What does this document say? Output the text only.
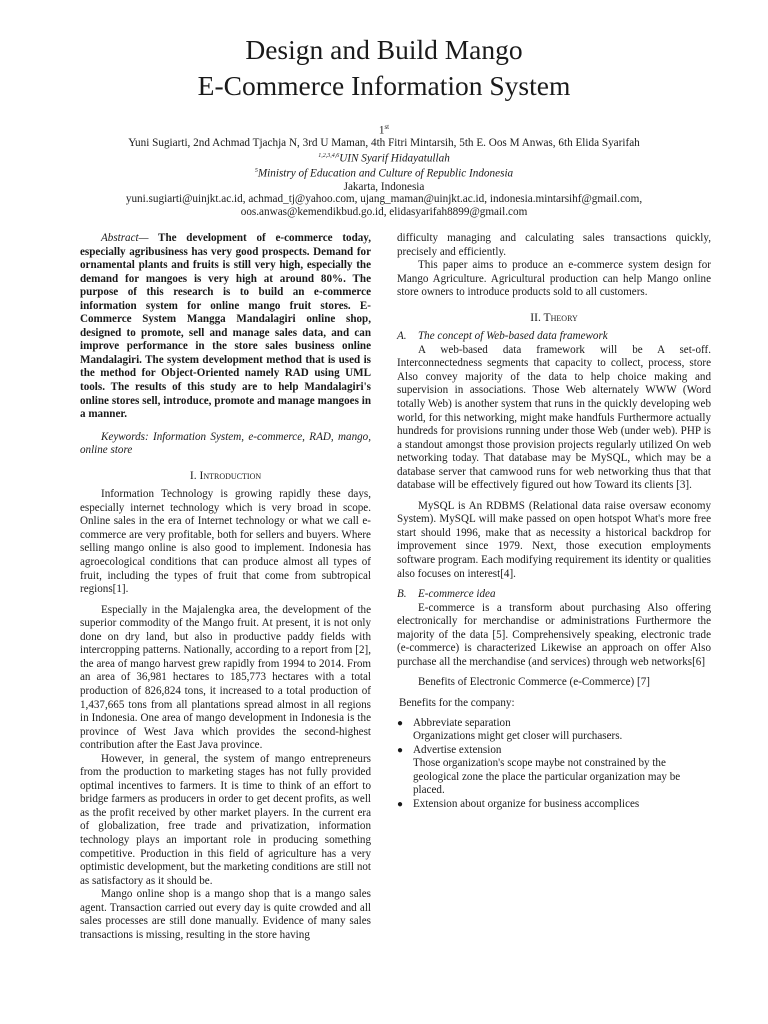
Design and Build Mango
E-Commerce Information System
1st
Yuni Sugiarti, 2nd Achmad Tjachja N, 3rd U Maman, 4th Fitri Mintarsih, 5th E. Oos M Anwas, 6th Elida Syarifah
$^{1,2,3,4,6}$UIN Syarif Hidayatullah
$^5$Ministry of Education and Culture of Republic Indonesia
Jakarta, Indonesia
yuni.sugiarti@uinjkt.ac.id, achmad_tj@yahoo.com, ujang_maman@uinjkt.ac.id, indonesia.mintarsihf@gmail.com,
oos.anwas@kemendikbud.go.id, elidasyarifah8899@gmail.com

Abstract— The development of e-commerce today, especially agribusiness has very good prospects. Demand for ornamental plants and fruits is still very high, especially the demand for mangoes is very high at around 80%. The purpose of this research is to build an e-commerce information system for online mango fruit stores. E-Commerce System Mangga Mandalagiri online shop, designed to promote, sell and manage sales data, and can improve performance in the store sales business online Mandalagiri. The system development method that is used is the method for Object-Oriented namely RAD using UML tools. The results of this study are to help Mandalagiri's online stores sell, introduce, promote and manage mangoes in a manner.

Keywords: Information System, e-commerce, RAD, mango, online store

I. Introduction

Information Technology is growing rapidly these days, especially internet technology which is very broad in scope. Online sales in the era of Internet technology or what we call e-commerce are very profitable, both for sellers and buyers. Where selling mango online is also good to implement. Indonesia has agroecological conditions that can produce almost all types of fruit, including the types of fruit that come from subtropical regions[1].

Especially in the Majalengka area, the development of the superior commodity of the Mango fruit. At present, it is not only done on dry land, but also in productive paddy fields with intercropping patterns. Nationally, according to a report from [2], the area of mango harvest grew rapidly from 1994 to 2014. From an area of 36,981 hectares to 185,773 hectares with a total production of 826,824 tons, it increased to a total production of 1,437,665 tons from all plantations spread almost in all regions in Indonesia. One area of mango development in Indonesia is the province of West Java which provides the second-highest contribution after the East Java province.

However, in general, the system of mango entrepreneurs from the production to marketing stages has not fully provided optimal incentives to farmers. It is time to think of an effort to bridge farmers as producers in order to get decent profits, as well as the profit received by other market players. In the current era of globalization, free trade and privatization, information technology plays an important role in producing something competitive. Production in this field of agriculture has a very optimistic development, but the marketing conditions are still not as satisfactory as it should be.

Mango online shop is a mango shop that is a mango sales agent. Transaction carried out every day is quite crowded and all sales processes are still done manually. Evidence of many sales transactions is missing, resulting in the store having

difficulty managing and calculating sales transactions quickly, precisely and efficiently.

This paper aims to produce an e-commerce system design for Mango Agriculture. Agricultural production can help Mango online store owners to introduce products sold to all customers.

II. Theory

A. The concept of Web-based data framework

A web-based data framework will be A set-off. Interconnectedness segments that capacity to collect, process, store Also convey majority of the data to help choice making and supervision in associations. Those Web alternately WWW (Word totally Web) is another system that runs in the quickly developing web world, for this networking, might make handfuls Furthermore actually hundreds for provisions running under those Web (under web). PHP is a standout amongst those provision projects regularly utilized On web networking today. That database may be MySQL, which may be a database server that camwood runs for web networking thus that that database will be effectively figured out how Toward its clients [3].

MySQL is An RDBMS (Relational data raise oversaw economy System). MySQL will make passed on open hotspot What's more free start should 1996, make that as necessity a historical backdrop for improvement since 1979. Next, those execution employments software program. Each modifying requirement its identity or qualities also focuses on interest[4].

B. E-commerce idea

E-commerce is a transform about purchasing Also offering electronically for merchandise or administrations Furthermore the majority of the data [5]. Comprehensively speaking, electronic trade (e-commerce) is characterized Likewise an approach on offer Also purchase all the merchandise (and services) through web networks[6]

Benefits of Electronic Commerce (e-Commerce) [7]

Benefits for the company:

● Abbreviate separation
Organizations might get closer will purchasers.
● Advertise extension
Those organization's scope maybe not constrained by the geological zone the place the particular organization may be placed.
● Extension about organize for business accomplices
